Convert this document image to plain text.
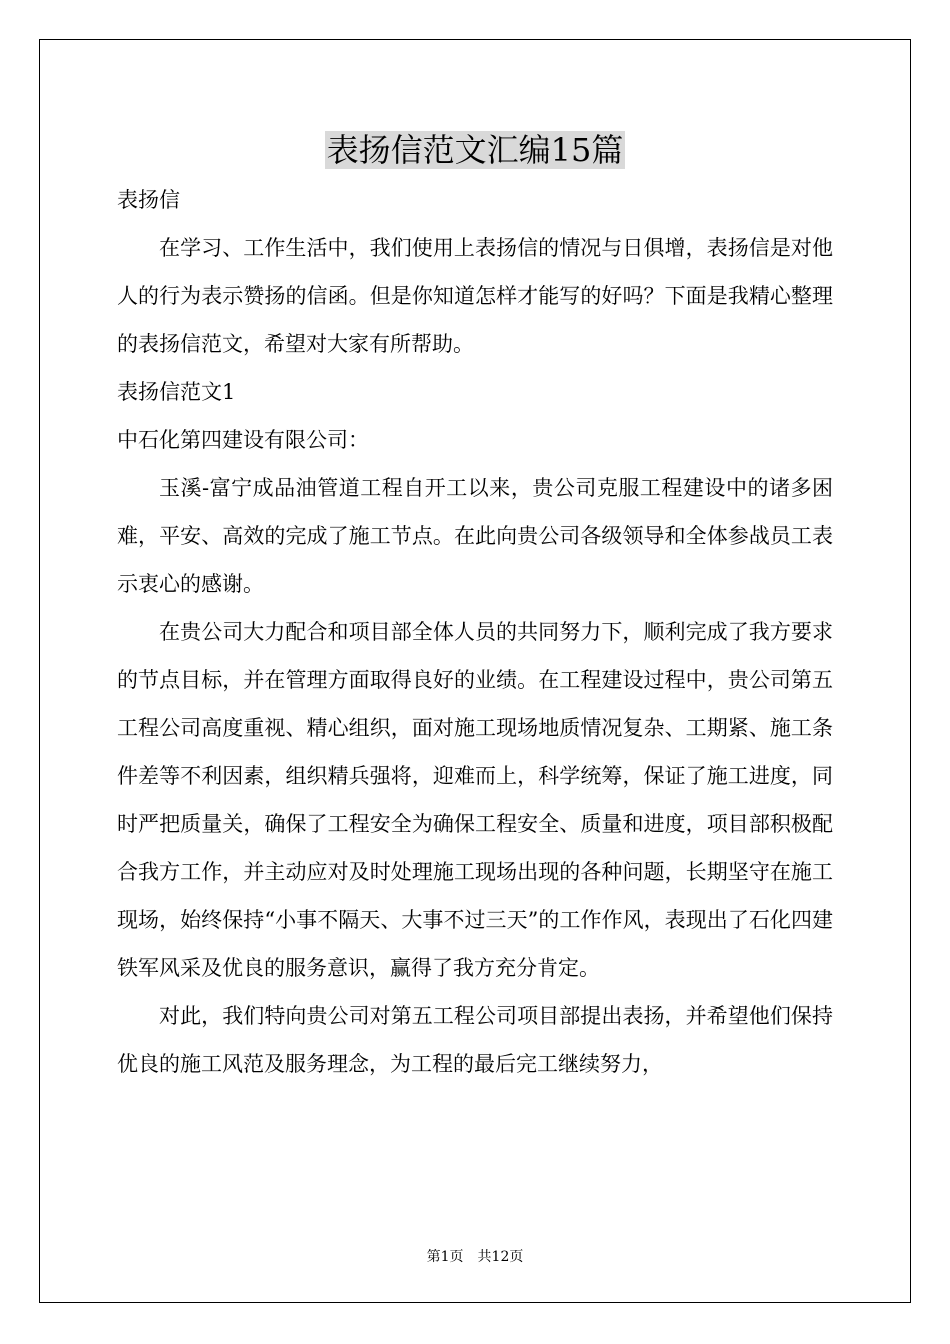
表扬信范文汇编15篇
表扬信
在学习、工作生活中，我们使用上表扬信的情况与日俱增，表扬信是对他人的行为表示赞扬的信函。但是你知道怎样才能写的好吗？下面是我精心整理的表扬信范文，希望对大家有所帮助。
表扬信范文1
中石化第四建设有限公司：
玉溪-富宁成品油管道工程自开工以来，贵公司克服工程建设中的诸多困难，平安、高效的完成了施工节点。在此向贵公司各级领导和全体参战员工表示衷心的感谢。
在贵公司大力配合和项目部全体人员的共同努力下，顺利完成了我方要求的节点目标，并在管理方面取得良好的业绩。在工程建设过程中，贵公司第五工程公司高度重视、精心组织，面对施工现场地质情况复杂、工期紧、施工条件差等不利因素，组织精兵强将，迎难而上，科学统筹，保证了施工进度，同时严把质量关，确保了工程安全为确保工程安全、质量和进度，项目部积极配合我方工作，并主动应对及时处理施工现场出现的各种问题，长期坚守在施工现场，始终保持“小事不隔天、大事不过三天”的工作作风，表现出了石化四建铁军风采及优良的服务意识，赢得了我方充分肯定。
对此，我们特向贵公司对第五工程公司项目部提出表扬，并希望他们保持优良的施工风范及服务理念，为工程的最后完工继续努力，
第1页　共12页
